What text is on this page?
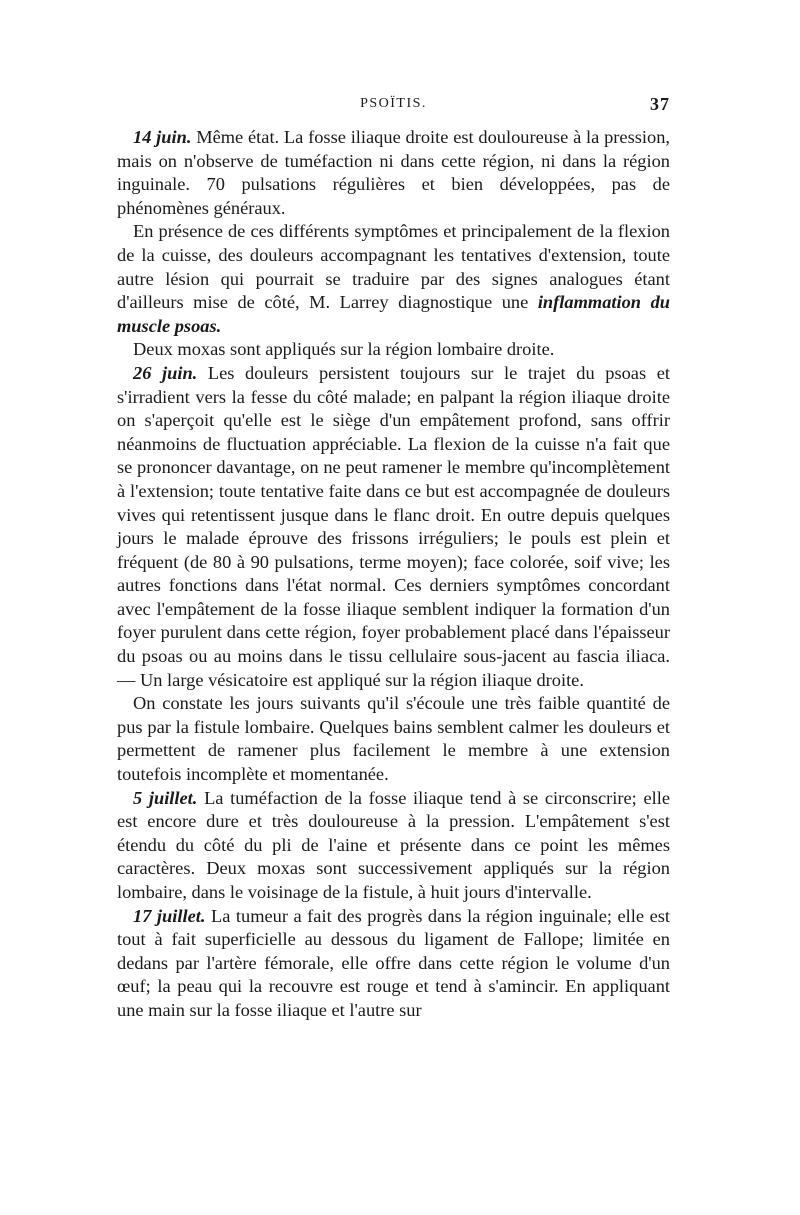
PSOÏTIS.	37

14 juin. Même état. La fosse iliaque droite est douloureuse à la pression, mais on n'observe de tuméfaction ni dans cette région, ni dans la région inguinale. 70 pulsations régulières et bien développées, pas de phénomènes généraux.

En présence de ces différents symptômes et principalement de la flexion de la cuisse, des douleurs accompagnant les tentatives d'extension, toute autre lésion qui pourrait se traduire par des signes analogues étant d'ailleurs mise de côté, M. Larrey diagnostique une inflammation du muscle psoas.

Deux moxas sont appliqués sur la région lombaire droite.

26 juin. Les douleurs persistent toujours sur le trajet du psoas et s'irradient vers la fesse du côté malade; en palpant la région iliaque droite on s'aperçoit qu'elle est le siège d'un empâtement profond, sans offrir néanmoins de fluctuation appréciable. La flexion de la cuisse n'a fait que se prononcer davantage, on ne peut ramener le membre qu'incomplètement à l'extension; toute tentative faite dans ce but est accompagnée de douleurs vives qui retentissent jusque dans le flanc droit. En outre depuis quelques jours le malade éprouve des frissons irréguliers; le pouls est plein et fréquent (de 80 à 90 pulsations, terme moyen); face colorée, soif vive; les autres fonctions dans l'état normal. Ces derniers symptômes concordant avec l'empâtement de la fosse iliaque semblent indiquer la formation d'un foyer purulent dans cette région, foyer probablement placé dans l'épaisseur du psoas ou au moins dans le tissu cellulaire sous-jacent au fascia iliaca. — Un large vésicatoire est appliqué sur la région iliaque droite.

On constate les jours suivants qu'il s'écoule une très faible quantité de pus par la fistule lombaire. Quelques bains semblent calmer les douleurs et permettent de ramener plus facilement le membre à une extension toutefois incomplète et momentanée.

5 juillet. La tuméfaction de la fosse iliaque tend à se circonscrire; elle est encore dure et très douloureuse à la pression. L'empâtement s'est étendu du côté du pli de l'aine et présente dans ce point les mêmes caractères. Deux moxas sont successivement appliqués sur la région lombaire, dans le voisinage de la fistule, à huit jours d'intervalle.

17 juillet. La tumeur a fait des progrès dans la région inguinale; elle est tout à fait superficielle au dessous du ligament de Fallope; limitée en dedans par l'artère fémorale, elle offre dans cette région le volume d'un œuf; la peau qui la recouvre est rouge et tend à s'amincir. En appliquant une main sur la fosse iliaque et l'autre sur
